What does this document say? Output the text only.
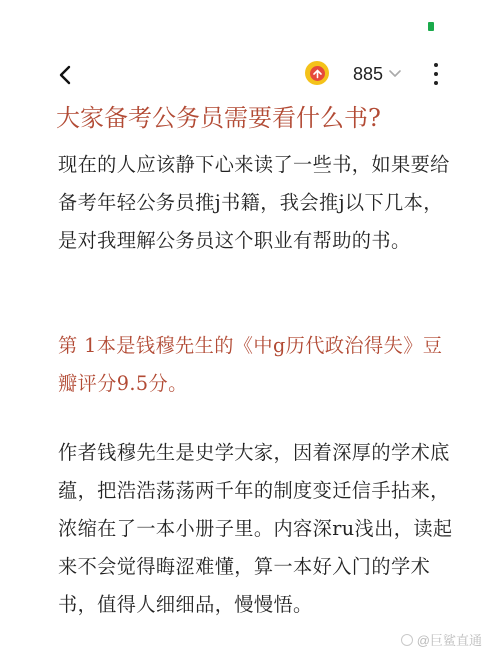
885
大家备考公务员需要看什么书?

现在的人应该静下心来读了一些书，如果要给备考年轻公务员推j书籍，我会推j以下几本，是对我理解公务员这个职业有帮助的书。

第 1本是钱穆先生的《中g历代政治得失》豆瓣评分9.5分。

作者钱穆先生是史学大家，因着深厚的学术底蕴，把浩浩荡荡两千年的制度变迁信手拈来，浓缩在了一本小册子里。内容深ru浅出，读起来不会觉得晦涩难懂，算一本好入门的学术书，值得人细细品，慢慢悟。

@巨鲨直通
